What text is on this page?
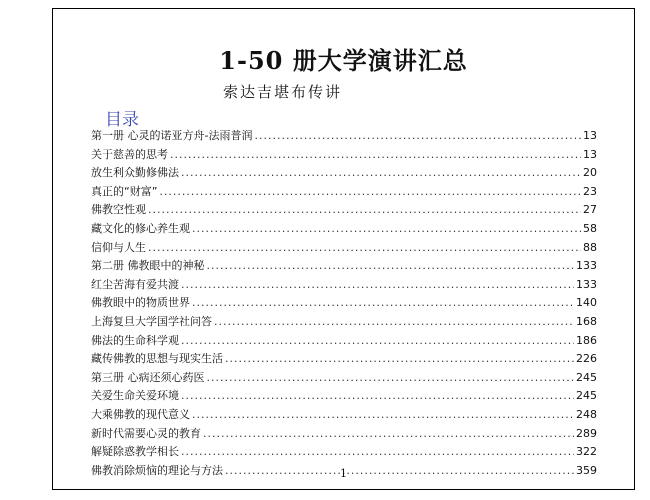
1-50 册大学演讲汇总
索达吉堪布传讲
目录
第一册 心灵的诺亚方舟-法雨普润 .....	13
关于慈善的思考 .....	13
放生利众勤修佛法 .....	20
真正的“财富” .....	23
佛教空性观 .....	27
藏文化的修心养生观 .....	58
信仰与人生 .....	88
第二册 佛教眼中的神秘 .....	133
红尘苦海有爱共渡 .....	133
佛教眼中的物质世界 .....	140
上海复旦大学国学社问答 .....	168
佛法的生命科学观 .....	186
藏传佛教的思想与现实生活 .....	226
第三册 心病还须心药医 .....	245
关爱生命关爱环境 .....	245
大乘佛教的现代意义 .....	248
新时代需要心灵的教育 .....	289
解疑除惑教学相长 .....	322
佛教消除烦恼的理论与方法 .....	359
1
